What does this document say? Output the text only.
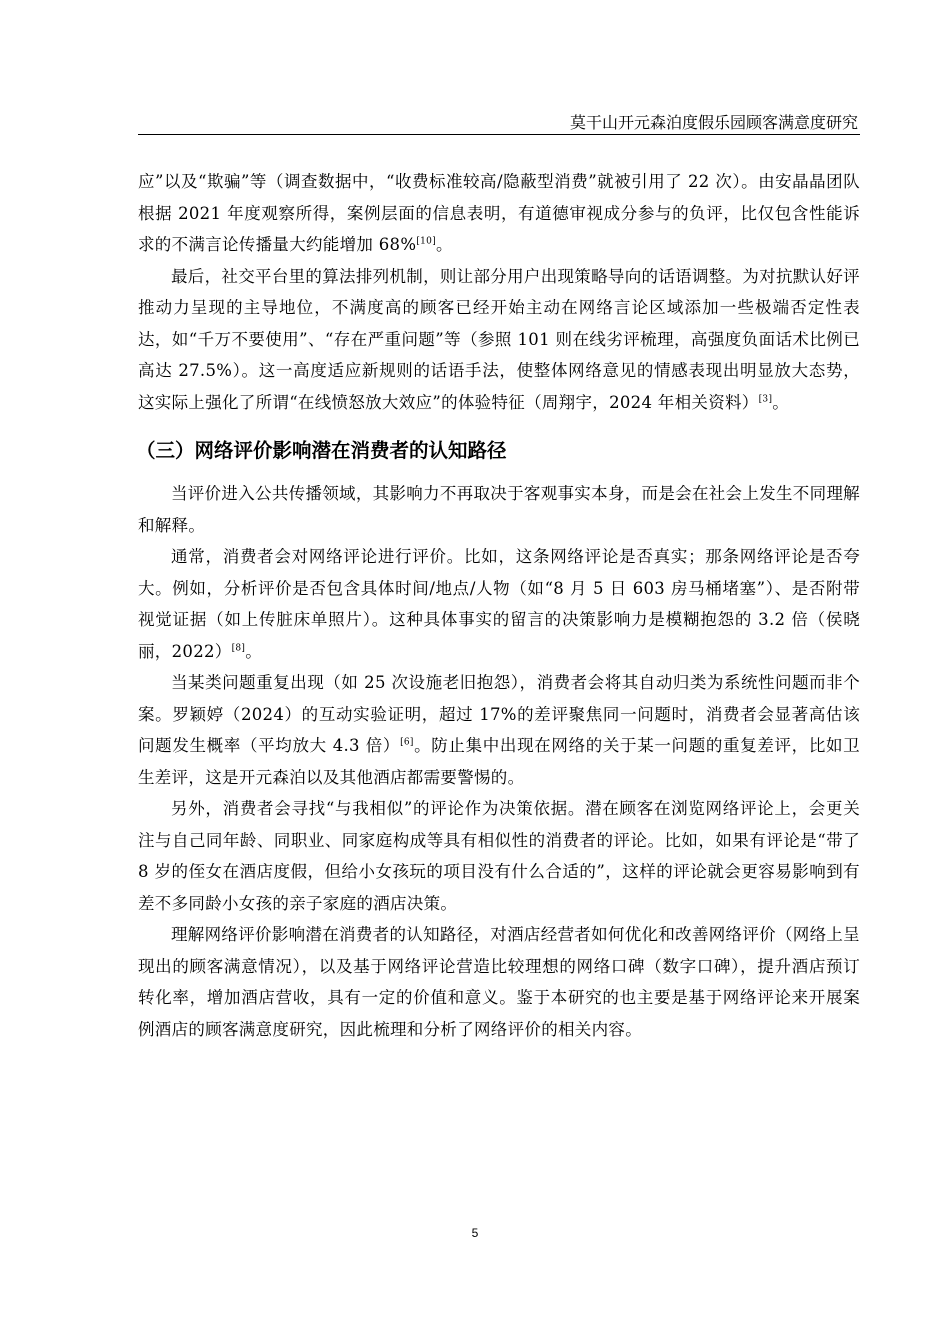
莫干山开元森泊度假乐园顾客满意度研究

应”以及“欺骗”等（调查数据中，“收费标准较高/隐蔽型消费”就被引用了 22 次）。由安晶晶团队根据 2021 年度观察所得，案例层面的信息表明，有道德审视成分参与的负评，比仅包含性能诉求的不满言论传播量大约能增加 68%[10]。

最后，社交平台里的算法排列机制，则让部分用户出现策略导向的话语调整。为对抗默认好评推动力呈现的主导地位，不满度高的顾客已经开始主动在网络言论区域添加一些极端否定性表达，如“千万不要使用”、“存在严重问题”等（参照 101 则在线劣评梳理，高强度负面话术比例已高达 27.5%）。这一高度适应新规则的话语手法，使整体网络意见的情感表现出明显放大态势，这实际上强化了所谓“在线愤怒放大效应”的体验特征（周翔宇，2024 年相关资料）[3]。

（三）网络评价影响潜在消费者的认知路径

当评价进入公共传播领域，其影响力不再取决于客观事实本身，而是会在社会上发生不同理解和解释。

通常，消费者会对网络评论进行评价。比如，这条网络评论是否真实；那条网络评论是否夸大。例如，分析评价是否包含具体时间/地点/人物（如“8 月 5 日 603 房马桶堵塞”）、是否附带视觉证据（如上传脏床单照片）。这种具体事实的留言的决策影响力是模糊抱怨的 3.2 倍（侯晓丽，2022）[8]。

当某类问题重复出现（如 25 次设施老旧抱怨），消费者会将其自动归类为系统性问题而非个案。罗颖婷（2024）的互动实验证明，超过 17%的差评聚焦同一问题时，消费者会显著高估该问题发生概率（平均放大 4.3 倍）[6]。防止集中出现在网络的关于某一问题的重复差评，比如卫生差评，这是开元森泊以及其他酒店都需要警惕的。

另外，消费者会寻找“与我相似”的评论作为决策依据。潜在顾客在浏览网络评论上，会更关注与自己同年龄、同职业、同家庭构成等具有相似性的消费者的评论。比如，如果有评论是“带了 8 岁的侄女在酒店度假，但给小女孩玩的项目没有什么合适的”，这样的评论就会更容易影响到有差不多同龄小女孩的亲子家庭的酒店决策。

理解网络评价影响潜在消费者的认知路径，对酒店经营者如何优化和改善网络评价（网络上呈现出的顾客满意情况），以及基于网络评论营造比较理想的网络口碑（数字口碑），提升酒店预订转化率，增加酒店营收，具有一定的价值和意义。鉴于本研究的也主要是基于网络评论来开展案例酒店的顾客满意度研究，因此梳理和分析了网络评价的相关内容。

5
